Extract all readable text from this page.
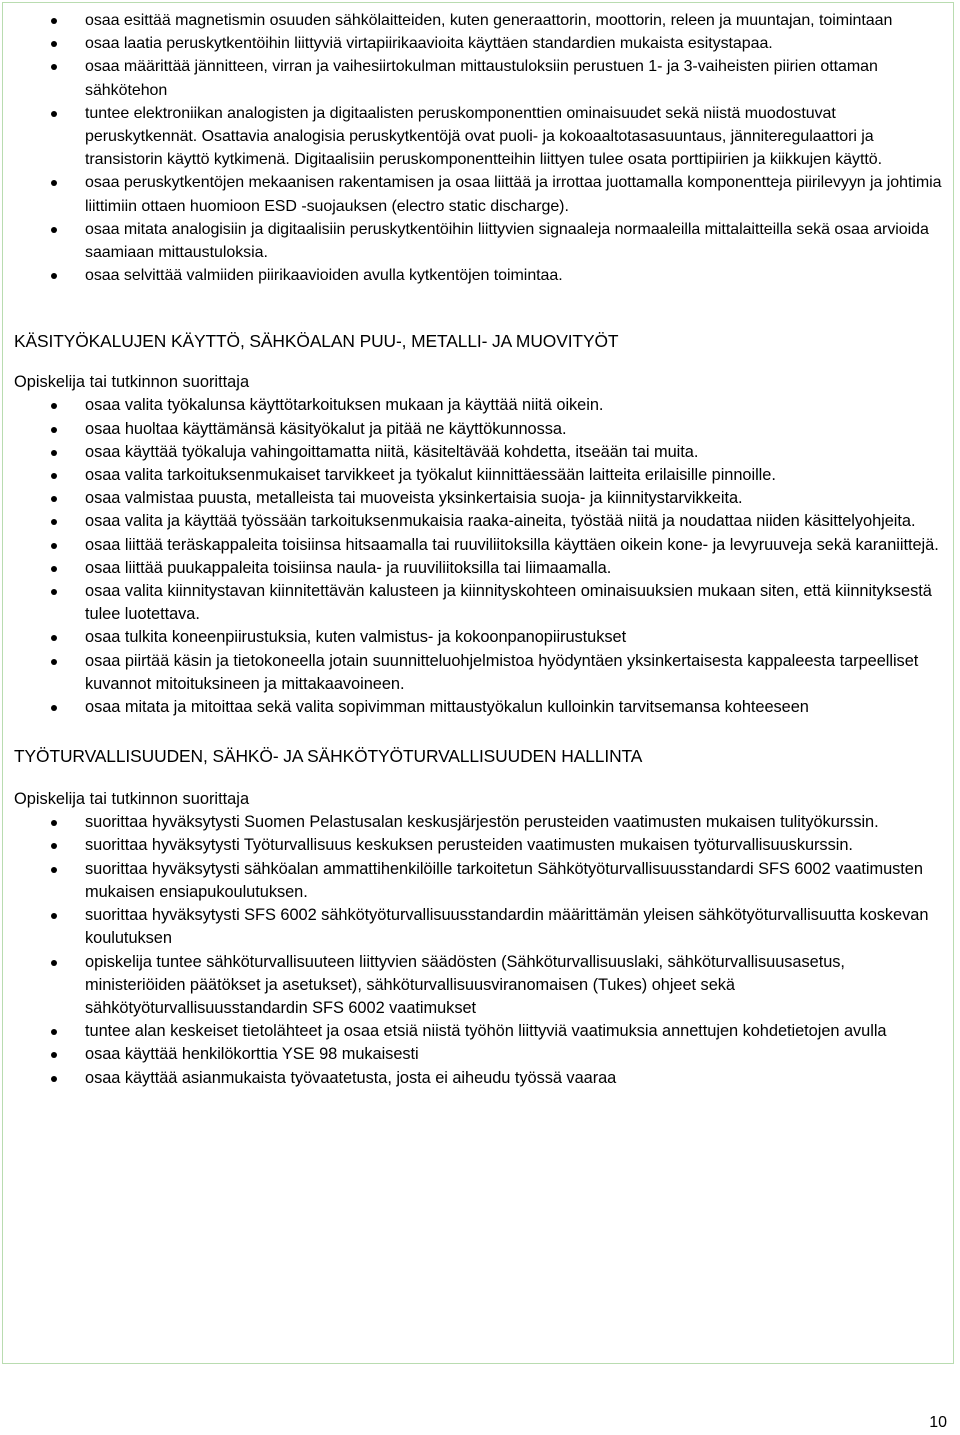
osaa esittää magnetismin osuuden sähkölaitteiden, kuten generaattorin, moottorin, releen ja muuntajan, toimintaan
osaa laatia peruskytkentöihin liittyviä virtapiirikaavioita käyttäen standardien mukaista esitystapaa.
osaa määrittää jännitteen, virran ja vaihesiirtokulman mittaustuloksiin perustuen 1- ja 3-vaiheisten piirien ottaman sähkötehon
tuntee elektroniikan analogisten ja digitaalisten peruskomponenttien ominaisuudet sekä niistä muodostuvat peruskytkennät. Osattavia analogisia peruskytkentöjä ovat puoli- ja kokoaaltotasasuuntaus, jänniteregulaattori ja transistorin käyttö kytkimenä. Digitaalisiin peruskomponentteihin liittyen tulee osata porttipiirien ja kiikkujen käyttö.
osaa peruskytkentöjen mekaanisen rakentamisen ja osaa liittää ja irrottaa juottamalla komponentteja piirilevyyn ja johtimia liittimiin ottaen huomioon ESD -suojauksen (electro static discharge).
osaa mitata analogisiin ja digitaalisiin peruskytkentöihin liittyvien signaaleja normaaleilla mittalaitteilla sekä osaa arvioida saamiaan mittaustuloksia.
osaa selvittää valmiiden piirikaavioiden avulla kytkentöjen toimintaa.
KÄSITYÖKALUJEN KÄYTTÖ, SÄHKÖALAN PUU-, METALLI- JA MUOVITYÖT

Opiskelija tai tutkinnon suorittaja

osaa valita työkalunsa käyttötarkoituksen mukaan ja käyttää niitä oikein.
osaa huoltaa käyttämänsä käsityökalut ja pitää ne käyttökunnossa.
osaa käyttää työkaluja vahingoittamatta niitä, käsiteltävää kohdetta, itseään tai muita.
osaa valita tarkoituksenmukaiset tarvikkeet ja työkalut kiinnittäessään laitteita erilaisille pinnoille.
osaa valmistaa puusta, metalleista tai muoveista yksinkertaisia suoja- ja kiinnitystarvikkeita.
osaa valita ja käyttää työssään tarkoituksenmukaisia raaka-aineita, työstää niitä ja noudattaa niiden käsittelyohjeita.
osaa liittää teräskappaleita toisiinsa hitsaamalla tai ruuviliitoksilla käyttäen oikein kone- ja levyruuveja sekä karaniittejä.
osaa liittää puukappaleita toisiinsa naula- ja ruuviliitoksilla tai liimaamalla.
osaa valita kiinnitystavan kiinnitettävän kalusteen ja kiinnityskohteen ominaisuuksien mukaan siten, että kiinnityksestä tulee luotettava.
osaa tulkita koneenpiirustuksia, kuten valmistus- ja kokoonpanopiirustukset
osaa piirtää käsin ja tietokoneella jotain suunnitteluohjelmistoa hyödyntäen yksinkertaisesta kappaleesta tarpeelliset kuvannot mitoituksineen ja mittakaavoineen.
osaa mitata ja mitoittaa sekä valita sopivimman mittaustyökalun kulloinkin tarvitsemansa kohteeseen
TYÖTURVALLISUUDEN, SÄHKÖ- JA SÄHKÖTYÖTURVALLISUUDEN HALLINTA

Opiskelija tai tutkinnon suorittaja

suorittaa hyväksytysti Suomen Pelastusalan keskusjärjestön perusteiden vaatimusten mukaisen tulityökurssin.
suorittaa hyväksytysti Työturvallisuus keskuksen perusteiden vaatimusten mukaisen työturvallisuuskurssin.
suorittaa hyväksytysti sähköalan ammattihenkilöille tarkoitetun Sähkötyöturvallisuusstandardi SFS 6002 vaatimusten mukaisen ensiapukoulutuksen.
suorittaa hyväksytysti SFS 6002 sähkötyöturvallisuusstandardin määrittämän yleisen sähkötyöturvallisuutta koskevan koulutuksen
opiskelija tuntee sähköturvallisuuteen liittyvien säädösten (Sähköturvallisuuslaki, sähköturvallisuusasetus, ministeriöiden päätökset ja asetukset), sähköturvallisuusviranomaisen (Tukes) ohjeet sekä sähkötyöturvallisuusstandardin SFS 6002 vaatimukset
tuntee alan keskeiset tietolähteet ja osaa etsiä niistä työhön liittyviä vaatimuksia annettujen kohdetietojen avulla
osaa käyttää henkilökorttia YSE 98 mukaisesti
osaa käyttää asianmukaista työvaatetusta, josta ei aiheudu työssä vaaraa
10
